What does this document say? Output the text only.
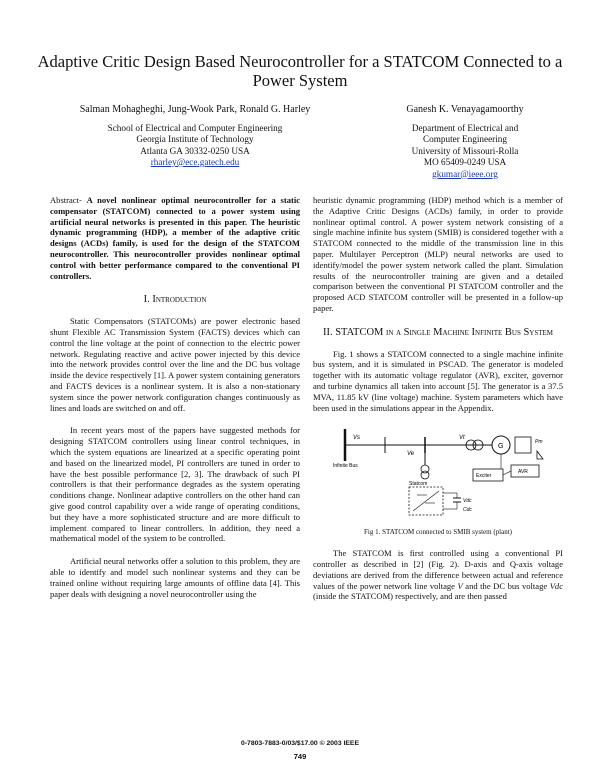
Adaptive Critic Design Based Neurocontroller for a STATCOM Connected to a Power System
Salman Mohagheghi, Jung-Wook Park, Ronald G. Harley
School of Electrical and Computer Engineering
Georgia Institute of Technology
Atlanta GA 30332-0250 USA
rharley@ece.gatech.edu
Ganesh K. Venayagamoorthy
Department of Electrical and
Computer Engineering
University of Missouri-Rolla
MO 65409-0249 USA
gkumar@ieee.org

Abstract- A novel nonlinear optimal neurocontroller for a static compensator (STATCOM) connected to a power system using artificial neural networks is presented in this paper. The heuristic dynamic programming (HDP), a member of the adaptive critic designs (ACDs) family, is used for the design of the STATCOM neurocontroller. This neurocontroller provides nonlinear optimal control with better performance compared to the conventional PI controllers.

I. Introduction

Static Compensators (STATCOMs) are power electronic based shunt Flexible AC Transmission System (FACTS) devices which can control the line voltage at the point of connection to the electric power network. Regulating reactive and active power injected by this device into the network provides control over the line and the DC bus voltage inside the device respectively [1]. A power system containing generators and FACTS devices is a nonlinear system. It is also a non-stationary system since the power network configuration changes continuously as lines and loads are switched on and off.

In recent years most of the papers have suggested methods for designing STATCOM controllers using linear control techniques, in which the system equations are linearized at a specific operating point and based on the linearized model, PI controllers are tuned in order to have the best possible performance [2, 3]. The drawback of such PI controllers is that their performance degrades as the system operating conditions change. Nonlinear adaptive controllers on the other hand can give good control capability over a wide range of operating conditions, but they have a more sophisticated structure and are more difficult to implement compared to linear controllers. In addition, they need a mathematical model of the system to be controlled.

Artificial neural networks offer a solution to this problem, they are able to identify and model such nonlinear systems and they can be trained online without requiring large amounts of offline data [4]. This paper deals with designing a novel neurocontroller using the

heuristic dynamic programming (HDP) method which is a member of the Adaptive Critic Designs (ACDs) family, in order to provide nonlinear optimal control. A power system network consisting of a single machine infinite bus system (SMIB) is considered together with a STATCOM connected to the middle of the transmission line in this paper. Multilayer Perceptron (MLP) neural networks are used to identify/model the power system network called the plant. Simulation results of the neurocontroller training are given and a detailed comparison between the conventional PI STATCOM controller and the proposed ACD STATCOM controller will be presented in a follow-up paper.

II. STATCOM in a Single Machine Infinite Bus System

Fig. 1 shows a STATCOM connected to a single machine infinite bus system, and it is simulated in PSCAD. The generator is modeled together with its automatic voltage regulator (AVR), exciter, governor and turbine dynamics all taken into account [5]. The generator is a 37.5 MVA, 11.85 kV (line voltage) machine. System parameters which have been used in the simulations appear in the Appendix.

Infinite Bus
Vs
Ve
Vt
G
Pm
AVR
Exciter
Statcom
Vdc
Cdc
Fig 1. STATCOM connected to SMIB system (plant)

The STATCOM is first controlled using a conventional PI controller as described in [2] (Fig. 2). D-axis and Q-axis voltage deviations are derived from the difference between actual and reference values of the power network line voltage V and the DC bus voltage Vdc (inside the STATCOM) respectively, and are then passed

0-7803-7883-0/03/$17.00 © 2003 IEEE
749
